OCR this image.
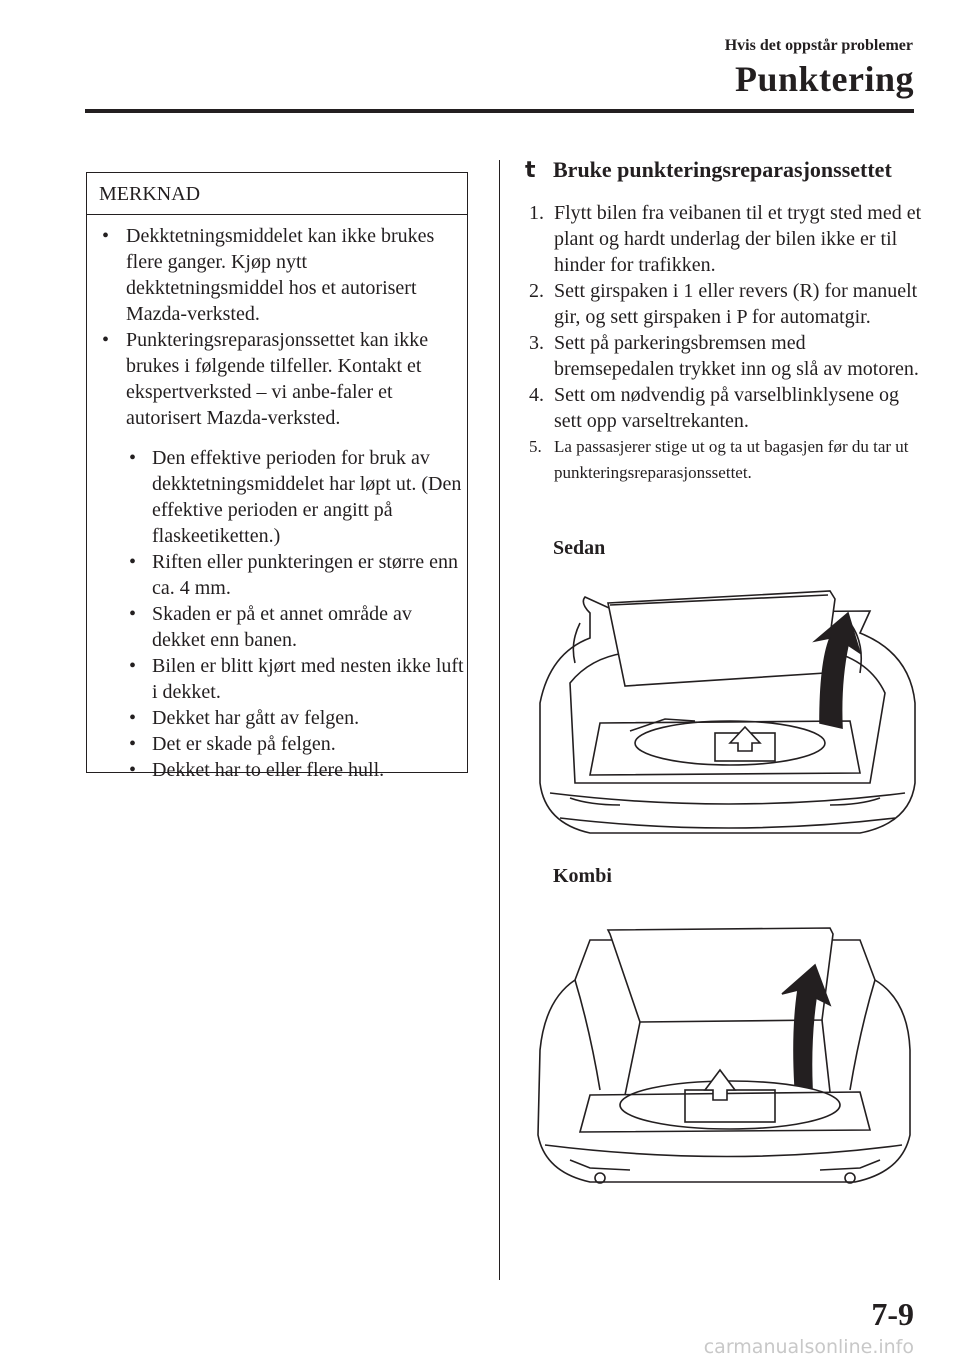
Hvis det oppstår problemer
Punktering
MERKNAD
• Dekktetningsmiddelet kan ikke brukes flere ganger. Kjøp nytt dekktetningsmiddel hos et autorisert Mazda-verksted.
• Punkteringsreparasjonssettet kan ikke brukes i følgende tilfeller. Kontakt et ekspertverksted – vi anbe-faler et autorisert Mazda-verksted.
• Den effektive perioden for bruk av dekktetningsmiddelet har løpt ut. (Den effektive perioden er angitt på flaskeetiketten.)
• Riften eller punkteringen er større enn ca. 4 mm.
• Skaden er på et annet område av dekket enn banen.
• Bilen er blitt kjørt med nesten ikke luft i dekket.
• Dekket har gått av felgen.
• Det er skade på felgen.
• Dekket har to eller flere hull.
t Bruke punkteringsreparasjonssettet
1. Flytt bilen fra veibanen til et trygt sted med et plant og hardt underlag der bilen ikke er til hinder for trafikken.
2. Sett girspaken i 1 eller revers (R) for manuelt gir, og sett girspaken i P for automatgir.
3. Sett på parkeringsbremsen med bremsepedalen trykket inn og slå av motoren.
4. Sett om nødvendig på varselblinklysene og sett opp varseltrekanten.
5. La passasjerer stige ut og ta ut bagasjen før du tar ut punkteringsreparasjonssettet.
Sedan
Kombi
7-9
carmanualsonline.info
